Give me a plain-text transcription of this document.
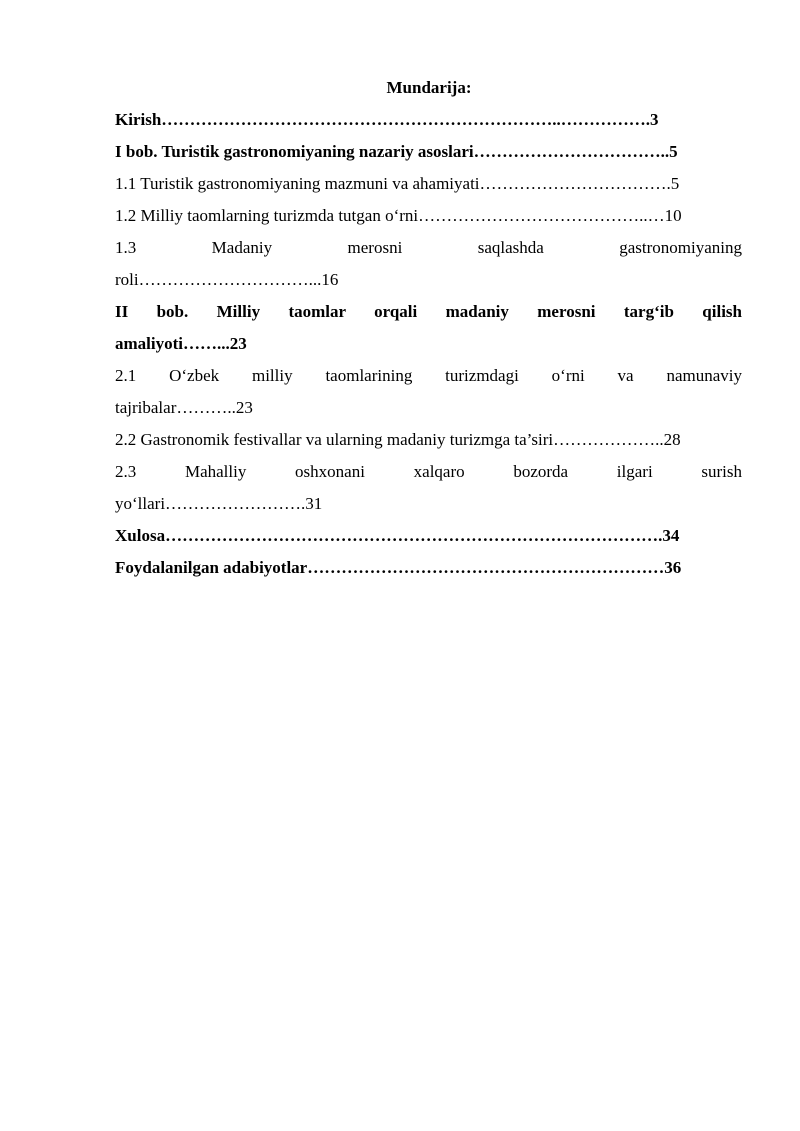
Mundarija:
Kirish……………………………………………………………..…………….3
I bob. Turistik gastronomiyaning nazariy asoslari……………………………..5
1.1 Turistik gastronomiyaning mazmuni va ahamiyati…………………………….5
1.2 Milliy taomlarning turizmda tutgan o‘rni…………………………………..…10
1.3 Madaniy merosni saqlashda gastronomiyaning
roli…………………………...16
II bob. Milliy taomlar orqali madaniy merosni targ‘ib qilish
amaliyoti……...23
2.1 O‘zbek milliy taomlarining turizmdagi o‘rni va namunaviy
tajribalar………..23
2.2 Gastronomik festivallar va ularning madaniy turizmga ta’siri………………..28
2.3 Mahalliy oshxonani xalqaro bozorda ilgari surish
yo‘llari…………………….31
Xulosa…………………………………………………………………………….34
Foydalanilgan adabiyotlar………………………………………………………36
